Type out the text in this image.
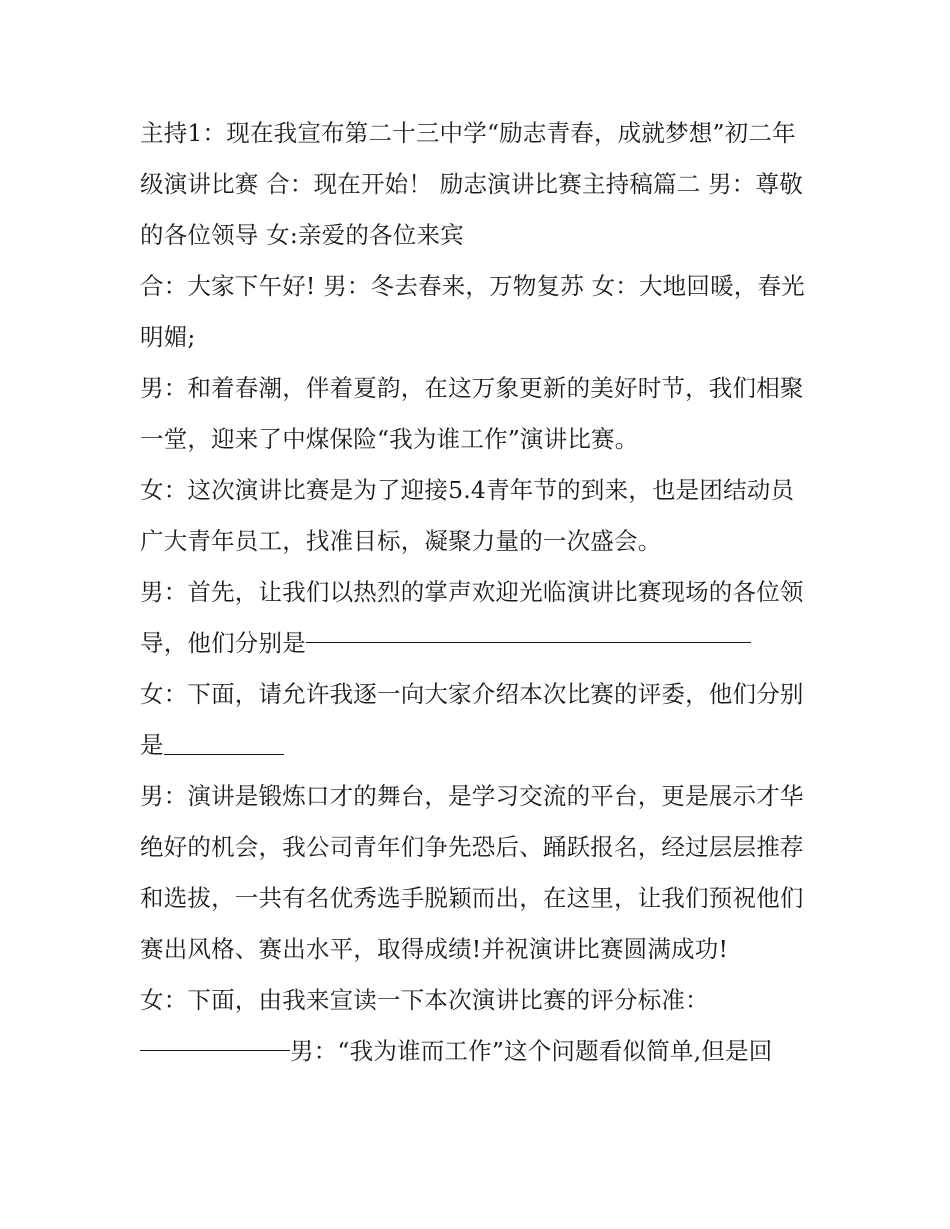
主持1：现在我宣布第二十三中学“励志青春，成就梦想”初二年级演讲比赛 合：现在开始！ 励志演讲比赛主持稿篇二 男：尊敬的各位领导 女:亲爱的各位来宾

合：大家下午好! 男：冬去春来，万物复苏 女：大地回暖，春光明媚;

男：和着春潮，伴着夏韵，在这万象更新的美好时节，我们相聚一堂，迎来了中煤保险“我为谁工作”演讲比赛。

女：这次演讲比赛是为了迎接5.4青年节的到来，也是团结动员广大青年员工，找准目标，凝聚力量的一次盛会。

男：首先，让我们以热烈的掌声欢迎光临演讲比赛现场的各位领导，他们分别是

女：下面，请允许我逐一向大家介绍本次比赛的评委，他们分别是

男：演讲是锻炼口才的舞台，是学习交流的平台，更是展示才华绝好的机会，我公司青年们争先恐后、踊跃报名，经过层层推荐和选拔，一共有名优秀选手脱颖而出，在这里，让我们预祝他们赛出风格、赛出水平，取得成绩!并祝演讲比赛圆满成功!

女：下面，由我来宣读一下本次演讲比赛的评分标准：

男：“我为谁而工作”这个问题看似简单,但是回
